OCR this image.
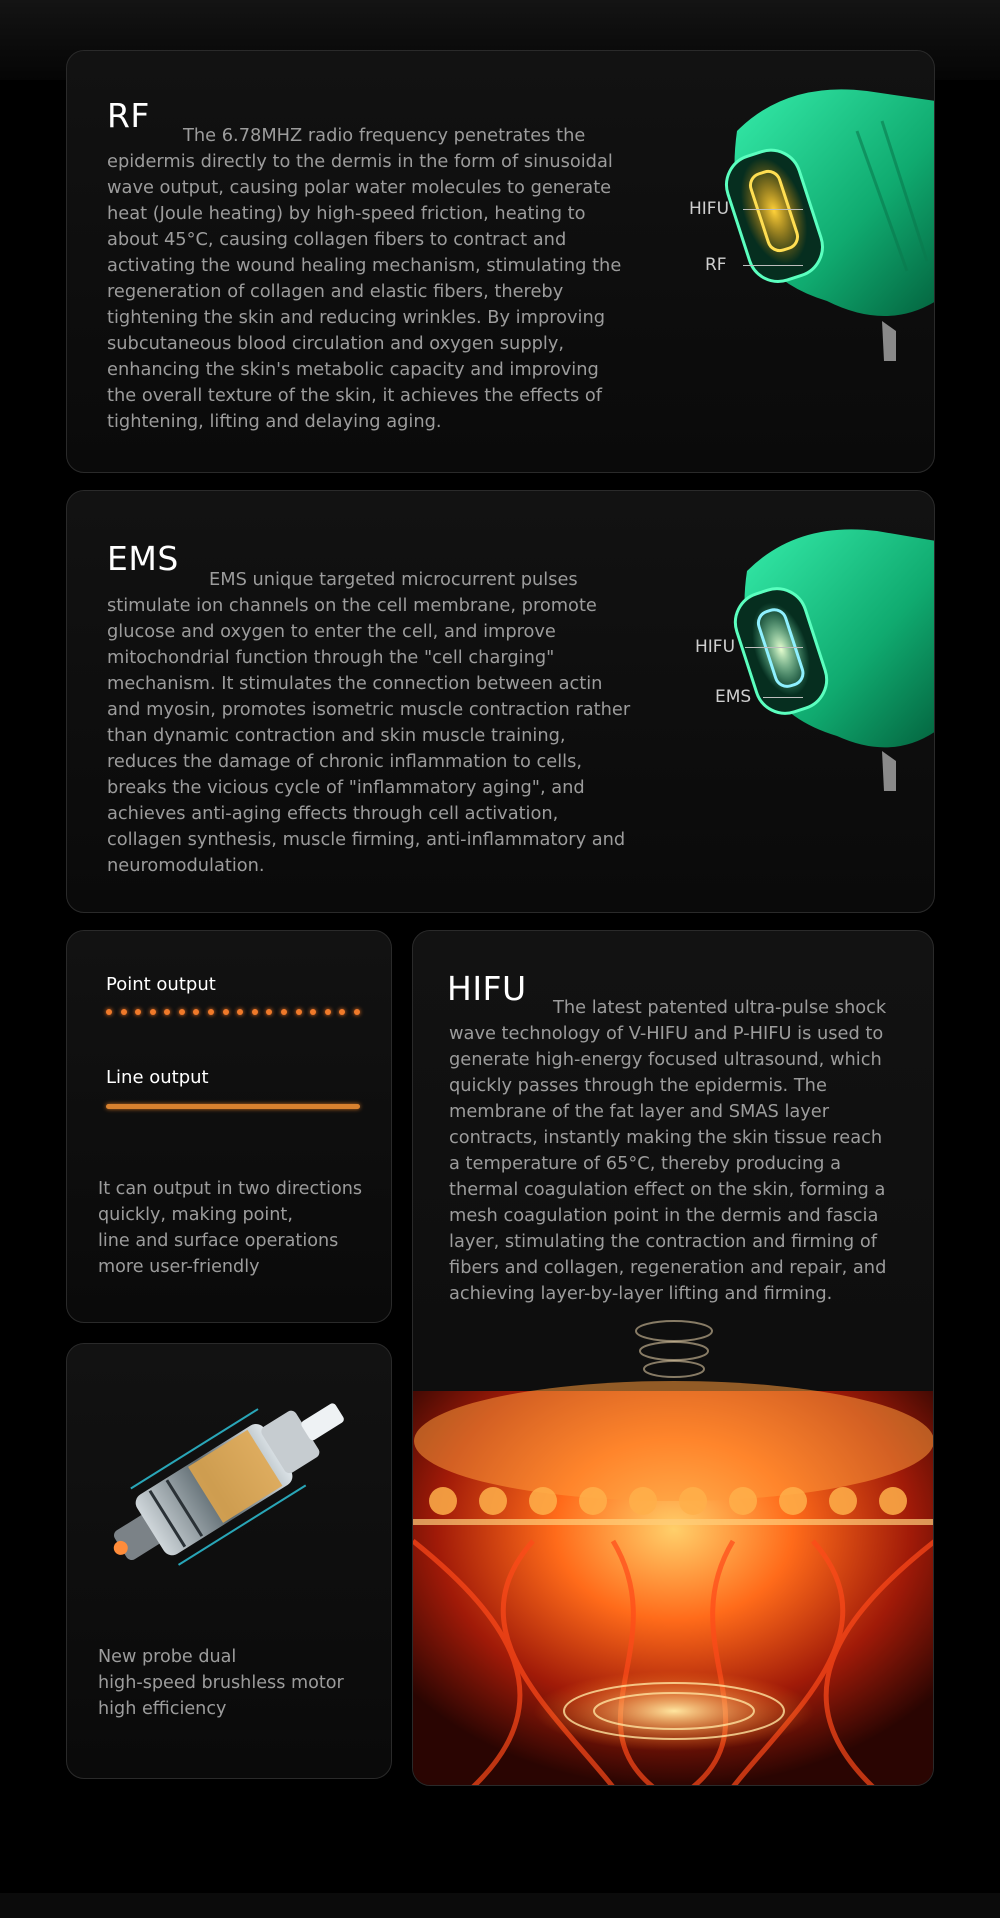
RF

The 6.78MHZ radio frequency penetrates the epidermis directly to the dermis in the form of sinusoidal wave output, causing polar water molecules to generate heat (Joule heating) by high-speed friction, heating to about 45°C, causing collagen fibers to contract and activating the wound healing mechanism, stimulating the regeneration of collagen and elastic fibers, thereby tightening the skin and reducing wrinkles. By improving subcutaneous blood circulation and oxygen supply, enhancing the skin's metabolic capacity and improving the overall texture of the skin, it achieves the effects of tightening, lifting and delaying aging.

HIFU
RF
EMS

EMS unique targeted microcurrent pulses stimulate ion channels on the cell membrane, promote glucose and oxygen to enter the cell, and improve mitochondrial function through the "cell charging" mechanism. It stimulates the connection between actin and myosin, promotes isometric muscle contraction rather than dynamic contraction and skin muscle training, reduces the damage of chronic inflammation to cells, breaks the vicious cycle of "inflammatory aging", and achieves anti-aging effects through cell activation, collagen synthesis, muscle firming, anti-inflammatory and neuromodulation.

HIFU
EMS
Point output
Line output

It can output in two directions
quickly, making point,
line and surface operations
more user-friendly

New probe dual
high-speed brushless motor
high efficiency

HIFU	The latest patented ultra-pulse shock wave technology of V-HIFU and P-HIFU is used to generate high-energy focused ultrasound, which quickly passes through the epidermis. The membrane of the fat layer and SMAS layer contracts, instantly making the skin tissue reach a temperature of 65°C, thereby producing a thermal coagulation effect on the skin, forming a mesh coagulation point in the dermis and fascia layer, stimulating the contraction and firming of fibers and collagen, regeneration and repair, and achieving layer-by-layer lifting and firming.
